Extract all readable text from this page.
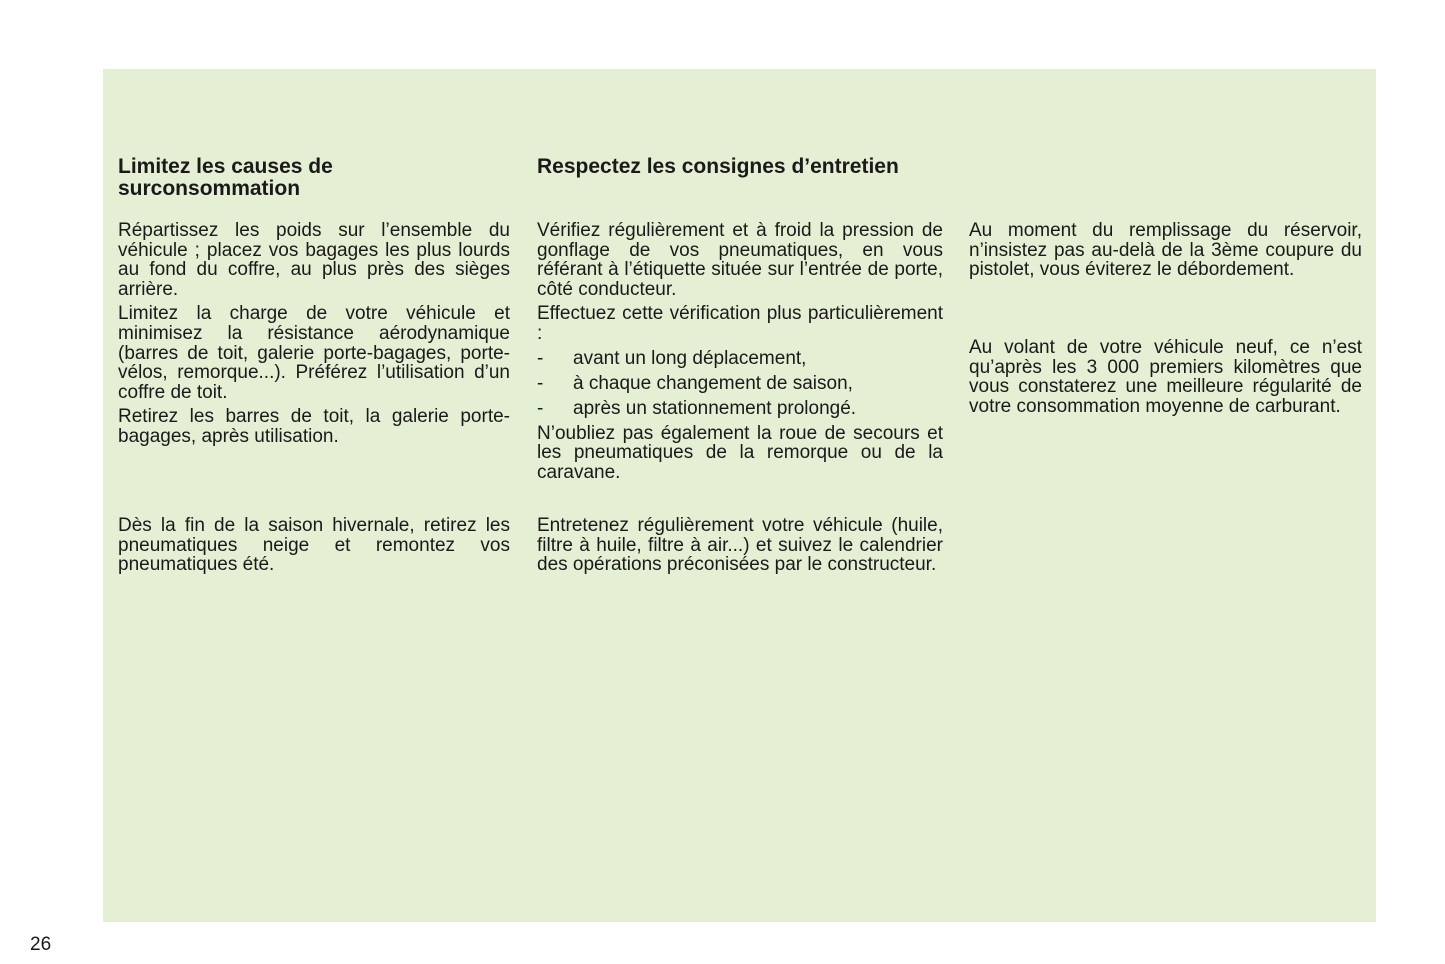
Limitez les causes de surconsommation

Répartissez les poids sur l’ensemble du véhicule ; placez vos bagages les plus lourds au fond du coffre, au plus près des sièges arrière.

Limitez la charge de votre véhicule et minimisez la résistance aérodynamique (barres de toit, galerie porte-bagages, porte-vélos, remorque...). Préférez l’utilisation d’un coffre de toit.

Retirez les barres de toit, la galerie porte-bagages, après utilisation.

Dès la fin de la saison hivernale, retirez les pneumatiques neige et remontez vos pneumatiques été.

Respectez les consignes d’entretien

Vérifiez régulièrement et à froid la pression de gonflage de vos pneumatiques, en vous référant à l’étiquette située sur l’entrée de porte, côté conducteur.

Effectuez cette vérification plus particulièrement :

- avant un long déplacement,
- à chaque changement de saison,
- après un stationnement prolongé.

N’oubliez pas également la roue de secours et les pneumatiques de la remorque ou de la caravane.

Entretenez régulièrement votre véhicule (huile, filtre à huile, filtre à air...) et suivez le calendrier des opérations préconisées par le constructeur.

Au moment du remplissage du réservoir, n’insistez pas au-delà de la 3ème coupure du pistolet, vous éviterez le débordement.

Au volant de votre véhicule neuf, ce n’est qu’après les 3 000 premiers kilomètres que vous constaterez une meilleure régularité de votre consommation moyenne de carburant.

26
